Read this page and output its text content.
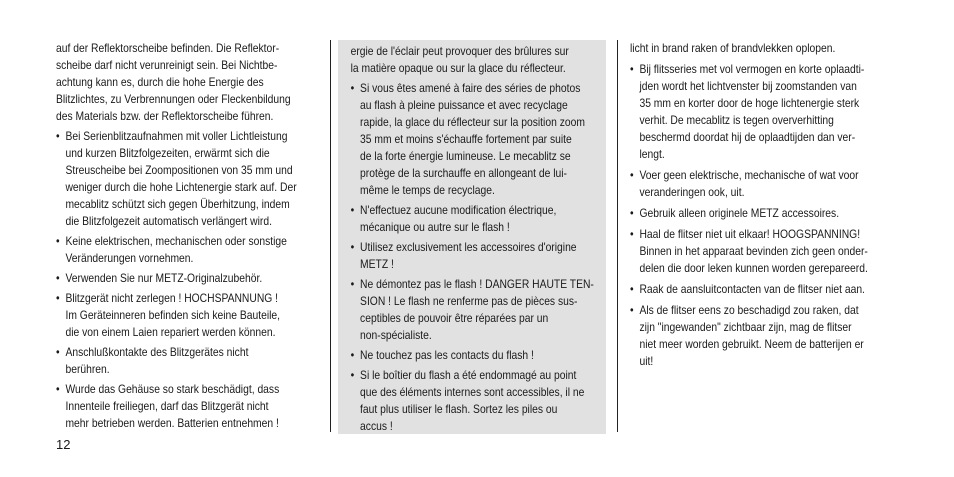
auf der Reflektorscheibe befinden. Die Reflektor-
scheibe darf nicht verunreinigt sein. Bei Nichtbe-
achtung kann es, durch die hohe Energie des
Blitzlichtes, zu Verbrennungen oder Fleckenbildung
des Materials bzw. der Reflektorscheibe führen.

• Bei Serienblitzaufnahmen mit voller Lichtleistung
und kurzen Blitzfolgezeiten, erwärmt sich die
Streuscheibe bei Zoompositionen von 35 mm und
weniger durch die hohe Lichtenergie stark auf. Der
mecablitz schützt sich gegen Überhitzung, indem
die Blitzfolgezeit automatisch verlängert wird.

• Keine elektrischen, mechanischen oder sonstige
Veränderungen vornehmen.

• Verwenden Sie nur METZ-Originalzubehör.

• Blitzgerät nicht zerlegen ! HOCHSPANNUNG !
Im Geräteinneren befinden sich keine Bauteile,
die von einem Laien repariert werden können.

• Anschlußkontakte des Blitzgerätes nicht
berühren.

• Wurde das Gehäuse so stark beschädigt, dass
Innenteile freiliegen, darf das Blitzgerät nicht
mehr betrieben werden. Batterien entnehmen !

ergie de l'éclair peut provoquer des brûlures sur
la matière opaque ou sur la glace du réflecteur.

• Si vous êtes amené à faire des séries de photos
au flash à pleine puissance et avec recyclage
rapide, la glace du réflecteur sur la position zoom
35 mm et moins s'échauffe fortement par suite
de la forte énergie lumineuse. Le mecablitz se
protège de la surchauffe en allongeant de lui-
même le temps de recyclage.

• N'effectuez aucune modification électrique,
mécanique ou autre sur le flash !

• Utilisez exclusivement les accessoires d'origine
METZ !

• Ne démontez pas le flash ! DANGER HAUTE TEN-
SION ! Le flash ne renferme pas de pièces sus-
ceptibles de pouvoir être réparées par un
non-spécialiste.

• Ne touchez pas les contacts du flash !

• Si le boîtier du flash a été endommagé au point
que des éléments internes sont accessibles, il ne
faut plus utiliser le flash. Sortez les piles ou
accus !

licht in brand raken of brandvlekken oplopen.

• Bij flitsseries met vol vermogen en korte oplaadti-
jden wordt het lichtvenster bij zoomstanden van
35 mm en korter door de hoge lichtenergie sterk
verhit. De mecablitz is tegen oververhitting
beschermd doordat hij de oplaadtijden dan ver-
lengt.

• Voer geen elektrische, mechanische of wat voor
veranderingen ook, uit.

• Gebruik alleen originele METZ accessoires.

• Haal de flitser niet uit elkaar! HOOGSPANNING!
Binnen in het apparaat bevinden zich geen onder-
delen die door leken kunnen worden gerepareerd.

• Raak de aansluitcontacten van de flitser niet aan.

• Als de flitser eens zo beschadigd zou raken, dat
zijn "ingewanden" zichtbaar zijn, mag de flitser
niet meer worden gebruikt. Neem de batterijen er
uit!

12
